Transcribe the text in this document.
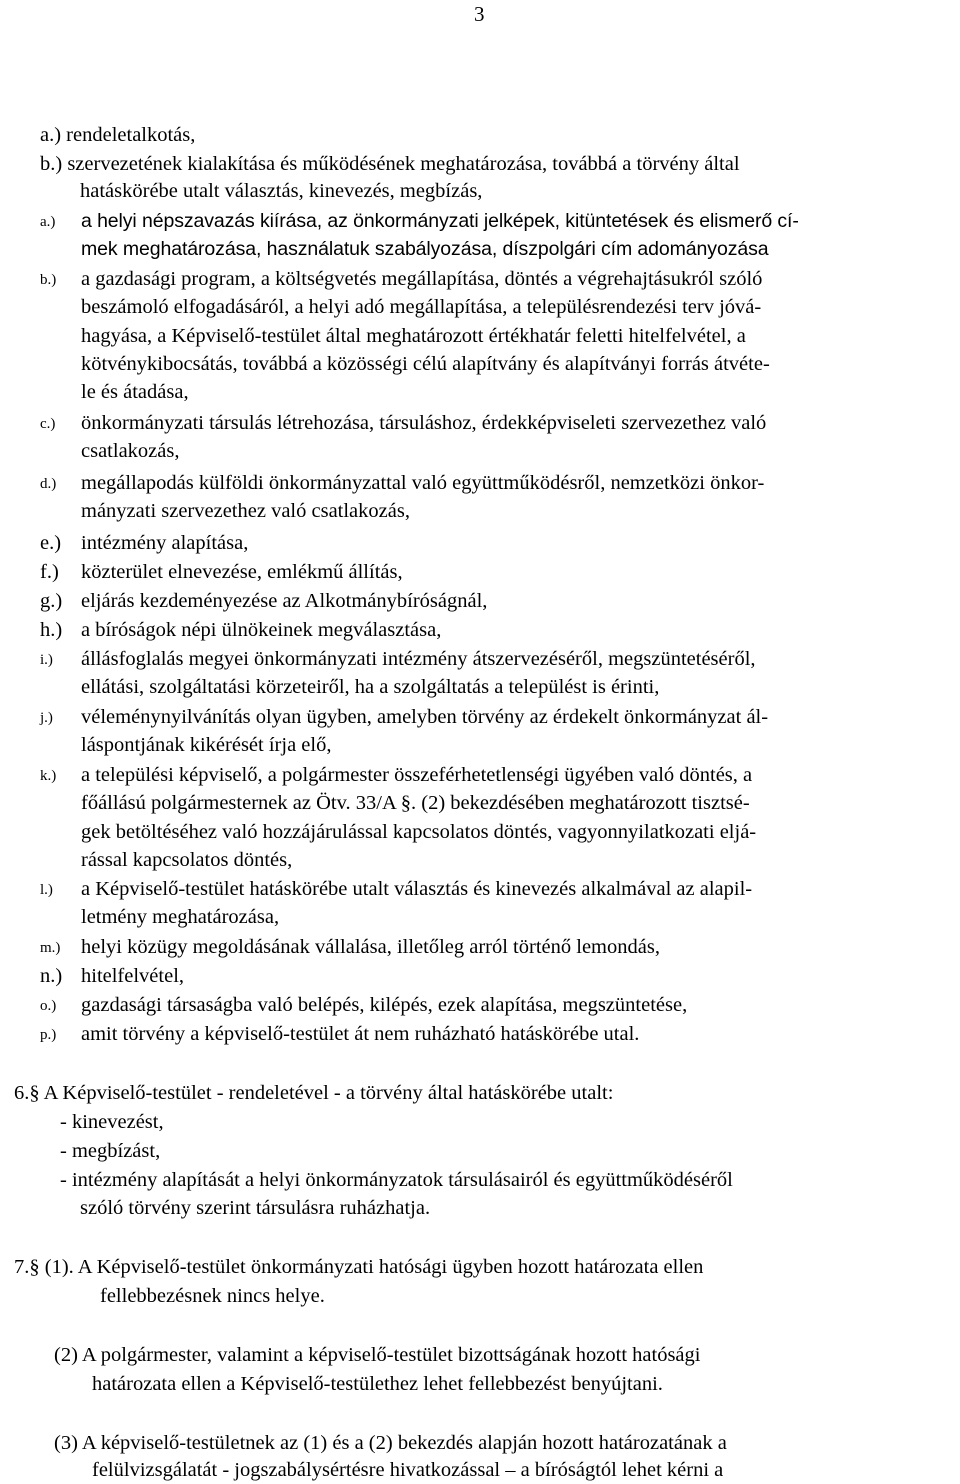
3
a.) rendeletalkotás,
b.) szervezetének kialakítása és működésének meghatározása, továbbá a törvény által
hatáskörébe utalt választás, kinevezés, megbízás,
a.)	a helyi népszavazás kiírása, az önkormányzati jelképek, kitüntetések és elismerő cí-
mek meghatározása, használatuk szabályozása, díszpolgári cím adományozása
b.)	a gazdasági program, a költségvetés megállapítása, döntés a végrehajtásukról szóló
beszámoló elfogadásáról, a helyi adó megállapítása, a településrendezési terv jóvá-
hagyása, a Képviselő-testület által meghatározott értékhatár feletti hitelfelvétel, a
kötvénykibocsátás, továbbá a közösségi célú alapítvány és alapítványi forrás átvéte-
le és átadása,
c.)	önkormányzati társulás létrehozása, társuláshoz, érdekképviseleti szervezethez való
csatlakozás,
d.)	megállapodás külföldi önkormányzattal való együttműködésről, nemzetközi önkor-
mányzati szervezethez való csatlakozás,
e.) intézmény alapítása,
f.)	közterület elnevezése, emlékmű állítás,
g.) eljárás kezdeményezése az Alkotmánybíróságnál,
h.) a bíróságok népi ülnökeinek megválasztása,
i.)	állásfoglalás megyei önkormányzati intézmény átszervezéséről, megszüntetéséről,
ellátási, szolgáltatási körzeteiről, ha a szolgáltatás a települést is érinti,
j.)	véleménynyilvánítás olyan ügyben, amelyben törvény az érdekelt önkormányzat ál-
láspontjának kikérését írja elő,
k.)	a települési képviselő, a polgármester összeférhetetlenségi ügyében való döntés, a
főállású polgármesternek az Ötv. 33/A §. (2) bekezdésében meghatározott tisztsé-
gek betöltéséhez való hozzájárulással kapcsolatos döntés, vagyonnyilatkozati eljá-
rással kapcsolatos döntés,
l.)	a Képviselő-testület hatáskörébe utalt választás és kinevezés alkalmával az alapil-
letmény meghatározása,
m.)	helyi közügy megoldásának vállalása, illetőleg arról történő lemondás,
n.) hitelfelvétel,
o.)	gazdasági társaságba való belépés, kilépés, ezek alapítása, megszüntetése,
p.)	amit törvény a képviselő-testület át nem ruházható hatáskörébe utal.
6.§ A Képviselő-testület - rendeletével - a törvény által hatáskörébe utalt:
- kinevezést,
- megbízást,
- intézmény alapítását a helyi önkormányzatok társulásairól és együttműködéséről
szóló törvény szerint társulásra ruházhatja.
7.§ (1). A Képviselő-testület önkormányzati hatósági ügyben hozott határozata ellen
fellebbezésnek nincs helye.
(2) A polgármester, valamint a képviselő-testület bizottságának hozott hatósági
határozata ellen a Képviselő-testülethez lehet fellebbezést benyújtani.
(3) A képviselő-testületnek az (1) és a (2) bekezdés alapján hozott határozatának a
felülvizsgálatát - jogszabálysértésre hivatkozással – a bíróságtól lehet kérni a
